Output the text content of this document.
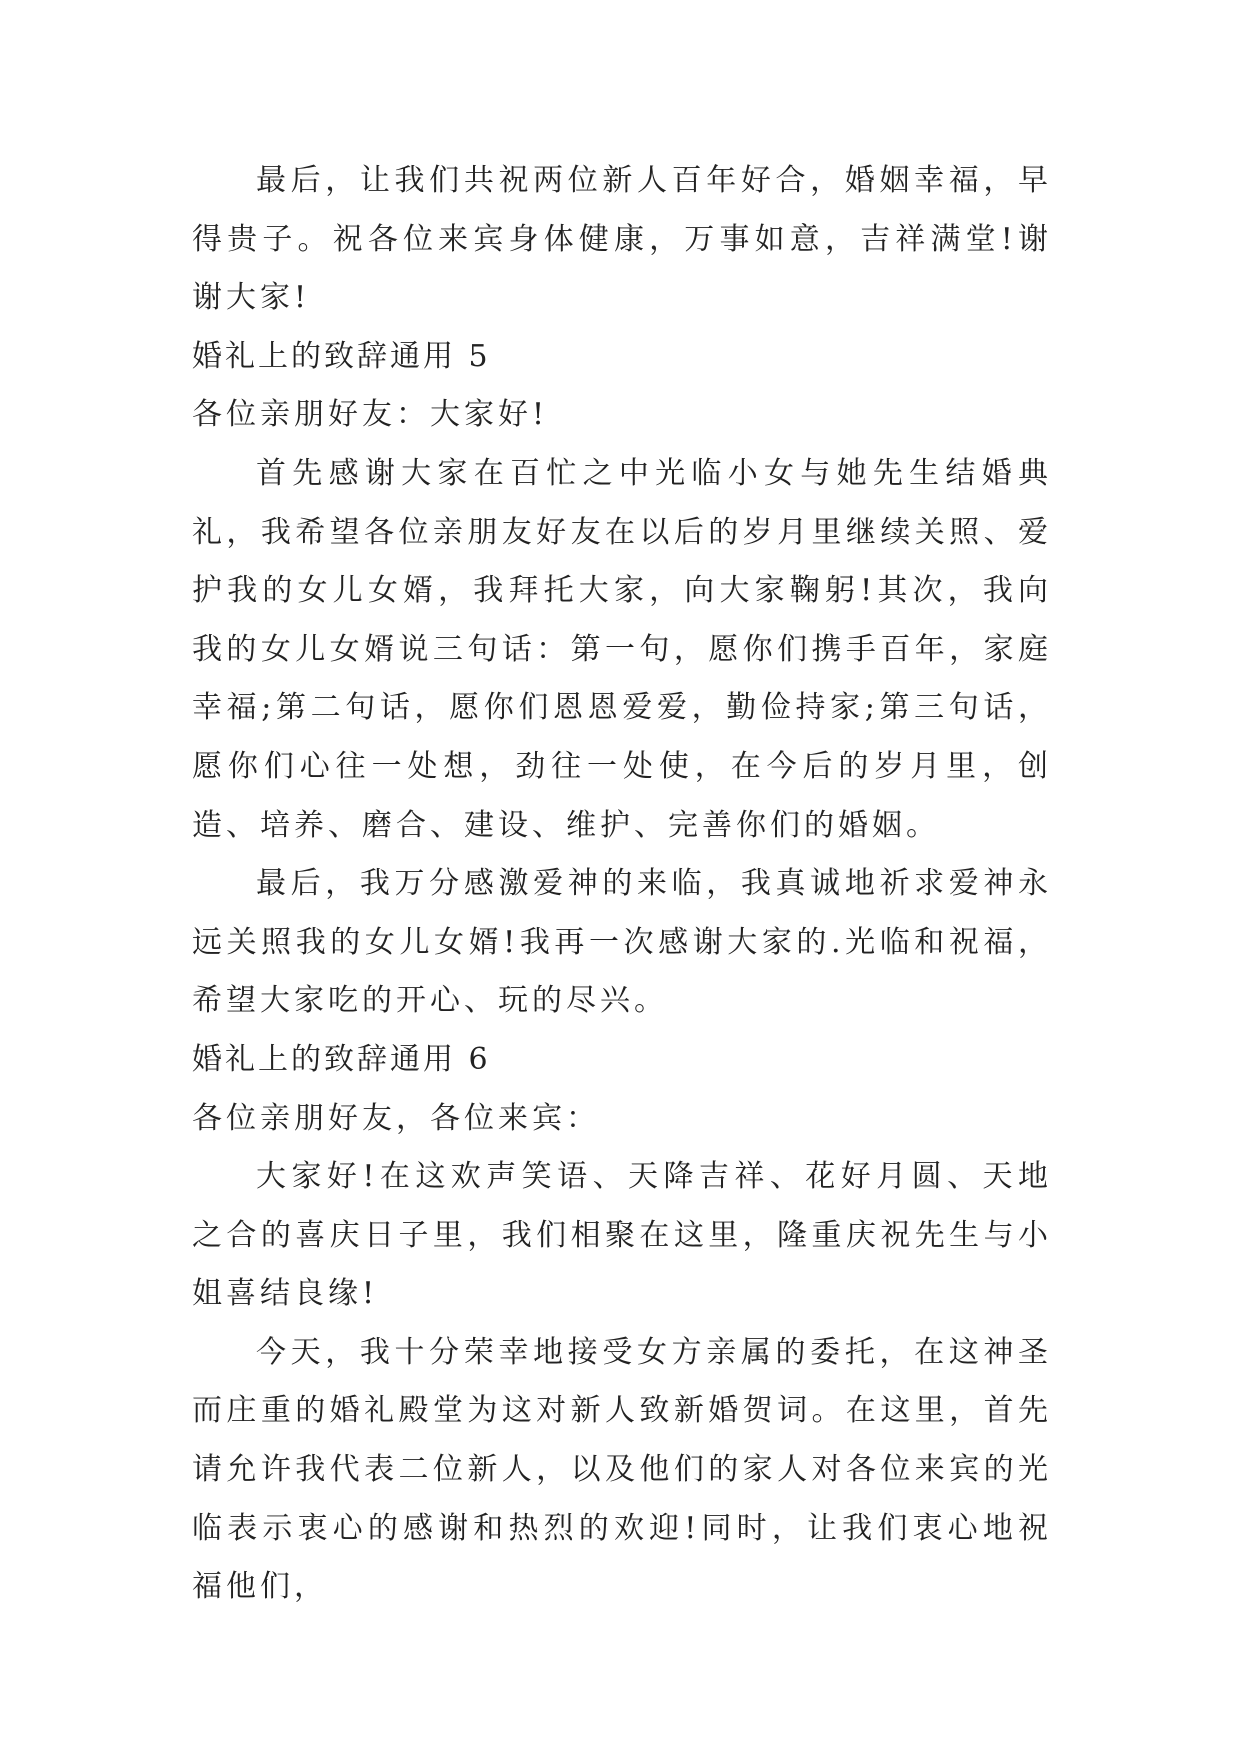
最后，让我们共祝两位新人百年好合，婚姻幸福，早得贵子。祝各位来宾身体健康，万事如意，吉祥满堂!谢谢大家!

婚礼上的致辞通用 5

各位亲朋好友：大家好!

首先感谢大家在百忙之中光临小女与她先生结婚典礼，我希望各位亲朋友好友在以后的岁月里继续关照、爱护我的女儿女婿，我拜托大家，向大家鞠躬!其次，我向我的女儿女婿说三句话：第一句，愿你们携手百年，家庭幸福;第二句话，愿你们恩恩爱爱，勤俭持家;第三句话，愿你们心往一处想，劲往一处使，在今后的岁月里，创造、培养、磨合、建设、维护、完善你们的婚姻。

最后，我万分感激爱神的来临，我真诚地祈求爱神永远关照我的女儿女婿!我再一次感谢大家的.光临和祝福，希望大家吃的开心、玩的尽兴。

婚礼上的致辞通用 6

各位亲朋好友，各位来宾：

大家好!在这欢声笑语、天降吉祥、花好月圆、天地之合的喜庆日子里，我们相聚在这里，隆重庆祝先生与小姐喜结良缘!

今天，我十分荣幸地接受女方亲属的委托，在这神圣而庄重的婚礼殿堂为这对新人致新婚贺词。在这里，首先请允许我代表二位新人，以及他们的家人对各位来宾的光临表示衷心的感谢和热烈的欢迎!同时，让我们衷心地祝福他们，
